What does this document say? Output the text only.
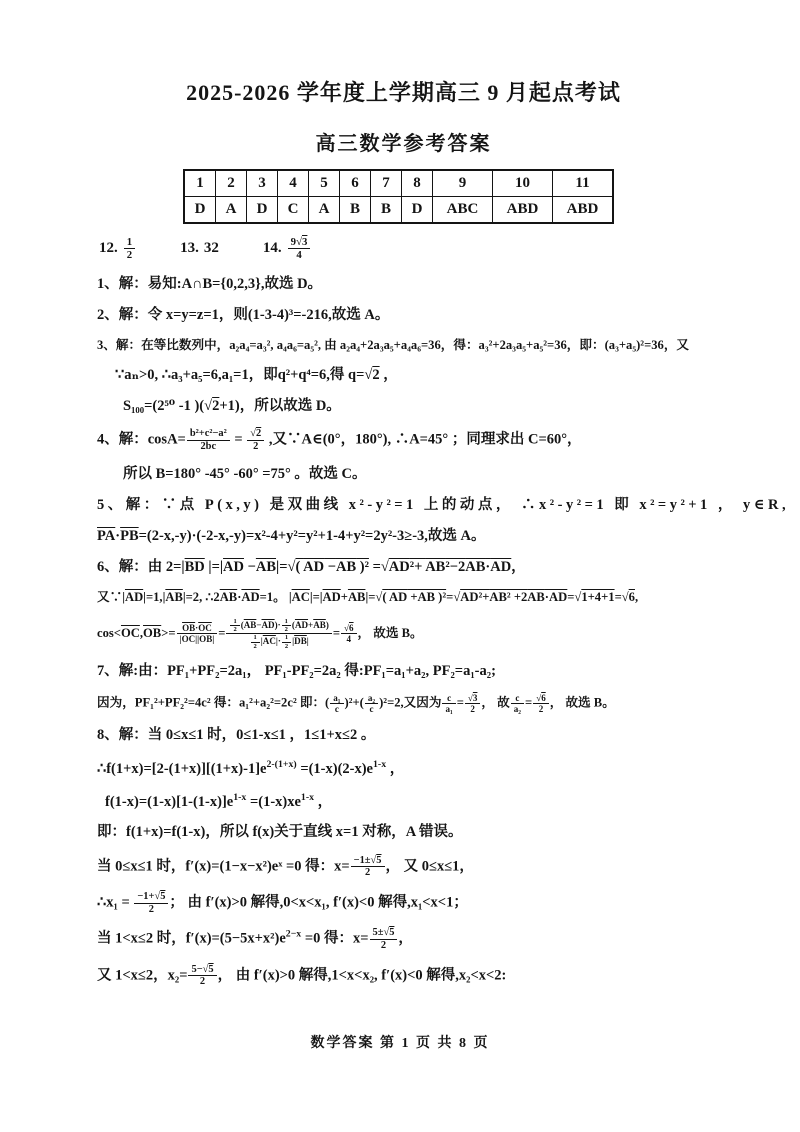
2025-2026 学年度上学期高三 9 月起点考试
高三数学参考答案
1	2	3	4	5	6	7	8	9	10	11
D	A	D	C	A	B	B	D	ABC	ABD	ABD
12. $\frac{1}{2}$	13. 32	14. $\frac{9√3}{4}$
1、解：易知:A∩B={0,2,3},故选 D。
2、解：令 x=y=z=1，则(1-3-4)³=-216,故选 A。
3、解：在等比数列中，a₂a₄=a₃², a₄a₆=a₅², 由 a₂a₄+2a₃a₅+a₄a₆=36，得：a₃²+2a₃a₅+a₅²=36，即：(a₃+a₅)²=36，又
∵aₙ>0, ∴a₃+a₅=6,a₁=1，即q²+q⁴=6,得 q=√2 ，
S₁₀₀=(2⁵⁰ -1 )(√2+1)，所以故选 D。
4、解：$\cos A= \frac{\text{b²+c²−a²}}{2bc} = \frac{√2}{2}$ ,又∵A∈(0°，180°), ∴A=45° ；同理求出 C=60°，
所以 B=180° -45° -60° =75° 。故选 C。
5、解：∵点 P(x,y) 是双曲线 x²-y²=1 上的动点， ∴x²-y²=1 即 x²=y²+1 ， y∈R,
$\overline{PA}\cdot\overline{PB}=(2-x,-y)\cdot(-2-x,-y)=x^2-4+y^2=y^2+1-4+y^2=2y^2-3\ge-3$,故选 A。
6、解：由 $2=|\overline{BD}$ $|=|\overline{AD} -\overline{AB}|=√$( AD −AB )² =√AD²+ AB²−2AB·AD，
又$\because|\overline{AD}|=1,|\overline{AB}|=2$, $\therefore 2\overline{AB}\cdot\overline{AD}=1$。 $|\overline{AC}|=|\overline{AD}+\overline{AB}|=√$( AD +AB )²=√AD²+AB² +2AB·AD=√1+4+1=√6,
$\cos<\overline{OC},\overline{OB}>= \frac{\overline{OB}\cdot\overline{OC}}{|\overline{OC}||\overline{OB}|} = \frac{\frac{1}{2} (\overline{AB}-\overline{AD})\cdot \frac{1}{2} (\overline{AD}+\overline{AB})}{\frac{1}{2} |\overline{AC}|\cdot \frac{1}{2} |\overline{DB}|} = \frac{√6}{4}$ ， 故选 B。
7、解:由：PF₁+PF₂=2a₁， PF₁-PF₂=2a₂ 得:PF₁=a₁+a₂, PF₂=a₁-a₂;
因为，PF₁²+PF₂²=4c² 得：a₁²+a₂²=2c² 即：( $\frac{\text{a₁}}{c} )^2+( \frac{\text{a₂}}{c} )^2=2$,又因为 $\frac{c}{\text{a₁}} = \frac{√3}{2}$ ， 故 $\frac{c}{\text{a₂}} = \frac{√6}{2}$ ， 故选 B。
8、解：当 0≤x≤1 时，0≤1-x≤1 ，1≤1+x≤2 。
$\therefore f(1+x)=[2-(1+x)][(1+x)-1]e^{2-(1+x)} =(1-x)(2-x)e^{1-x}$ ，
$f(1-x)=(1-x)[1-(1-x)]e^{1-x} =(1-x)xe^{1-x}$ ，
即：f(1+x)=f(1-x)，所以 f(x)关于直线 x=1 对称，A 错误。
当 0≤x≤1 时，f′(x)=(1−x−x²)eˣ =0 得：$x= \frac{-1\pm√5}{2}$ ， 又 0≤x≤1，
∴x₁ = $\frac{-1+√5}{2}$ ； 由 f′(x)>0 解得,0<x<x₁, f′(x)<0 解得,x₁<x<1；
当 1<x≤2 时，$f'(x)=(5-5x+x^2)e^{2-x} =0$ 得：$x= \frac{5\pm√5}{2}$ ，
又 1<x≤2，$x_2= \frac{5-√5}{2}$ ， 由 f′(x)>0 解得,1<x<x₂, f′(x)<0 解得,x₂<x<2:
数学答案 第 1 页 共 8 页
